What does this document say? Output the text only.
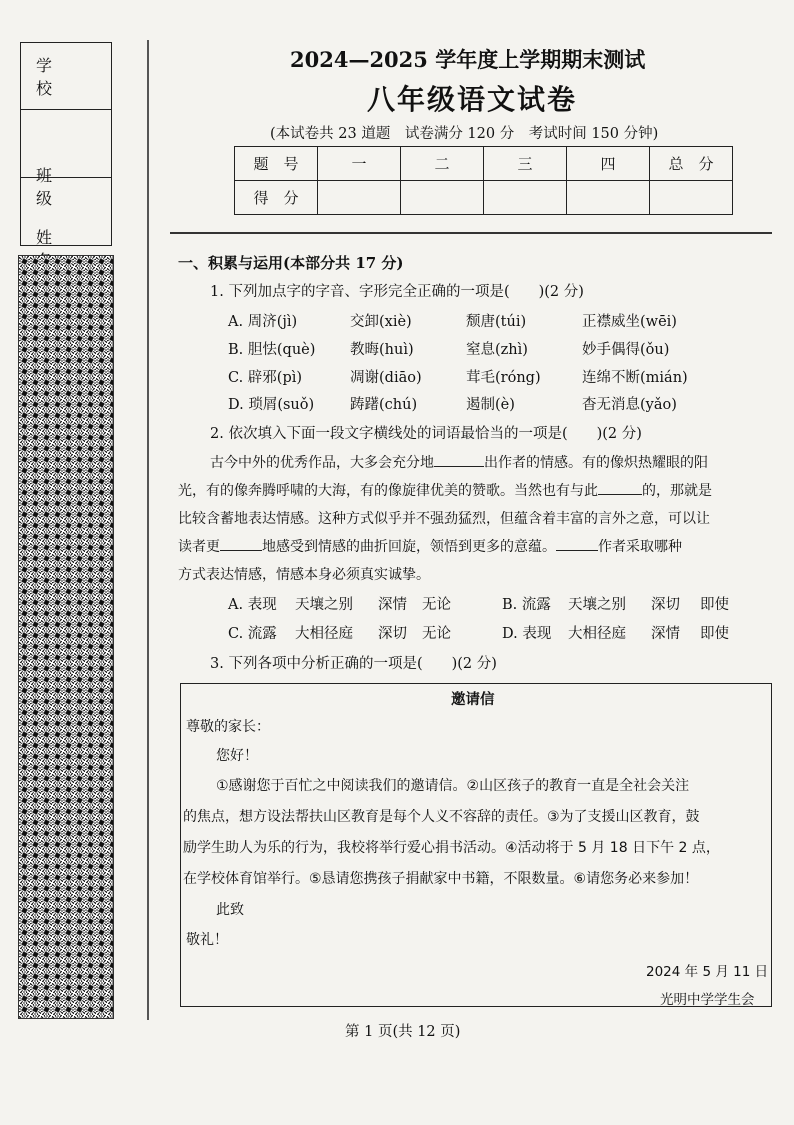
学校
班级
姓
2024—2025 学年度上学期期末测试
八年级语文试卷
(本试卷共 23 道题　试卷满分 120 分　考试时间 150 分钟)
题　号	一	二	三	四	总　分
得　分					
一、积累与运用(本部分共 17 分)
1. 下列加点字的字音、字形完全正确的一项是(　　)(2 分)
A. 周济(jì)	交卸(xiè)	颓唐(túi)	正襟威坐(wēi)
B. 胆怯(què) 教晦(huì)	窒息(zhì)	妙手偶得(ǒu)
C. 辟邪(pì)	凋谢(diāo)	茸毛(róng)	连绵不断(mián)
D. 琐屑(suǒ) 踌躇(chú)	遏制(è)	杳无消息(yǎo)
2. 依次填入下面一段文字横线处的词语最恰当的一项是(　　)(2 分)
古今中外的优秀作品，大多会充分地	出作者的情感。有的像炽热耀眼的阳
光，有的像奔腾呼啸的大海，有的像旋律优美的赞歌。当然也有与此	的，那就是
比较含蓄地表达情感。这种方式似乎并不强劲猛烈，但蕴含着丰富的言外之意，可以让
读者更	地感受到情感的曲折回旋，领悟到更多的意蕴。	作者采取哪种
方式表达情感，情感本身必须真实诚挚。
A. 表现 天壤之别 深情 无论	B. 流露 天壤之别 深切 即使
C. 流露 大相径庭 深切 无论	D. 表现 大相径庭 深情 即使
3. 下列各项中分析正确的一项是(　　)(2 分)
邀请信
尊敬的家长：
您好！
①感谢您于百忙之中阅读我们的邀请信。②山区孩子的教育一直是全社会关注
的焦点，想方设法帮扶山区教育是每个人义不容辞的责任。③为了支援山区教育，鼓
励学生助人为乐的行为，我校将举行爱心捐书活动。④活动将于 5 月 18 日下午 2 点，
在学校体育馆举行。⑤恳请您携孩子捐献家中书籍，不限数量。⑥请您务必来参加！
此致
敬礼！
2024 年 5 月 11 日
光明中学学生会
第 1 页(共 12 页)
